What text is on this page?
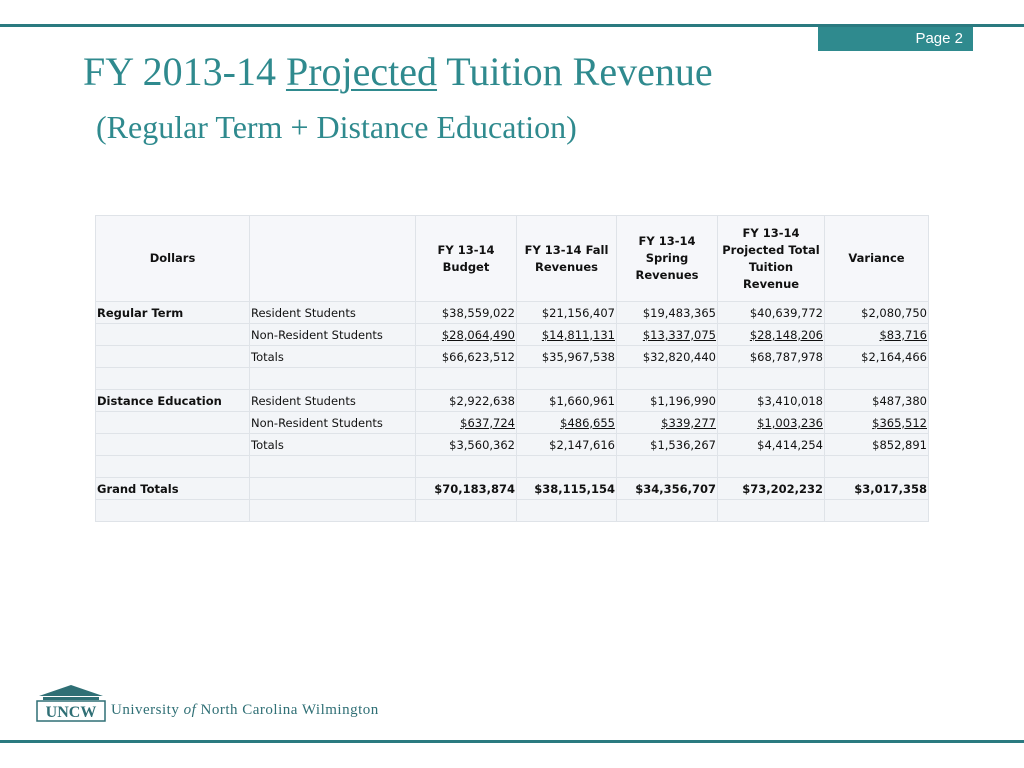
Page 2
FY 2013-14 Projected Tuition Revenue
(Regular Term + Distance Education)
Dollars		FY 13-14 Budget	FY 13-14 Fall Revenues	FY 13-14 Spring Revenues	FY 13-14 Projected Total Tuition Revenue	Variance
Regular Term	Resident Students	$38,559,022	$21,156,407	$19,483,365	$40,639,772	$2,080,750
	Non-Resident Students	$28,064,490	$14,811,131	$13,337,075	$28,148,206	$83,716
	Totals	$66,623,512	$35,967,538	$32,820,440	$68,787,978	$2,164,466

Distance Education	Resident Students	$2,922,638	$1,660,961	$1,196,990	$3,410,018	$487,380
	Non-Resident Students	$637,724	$486,655	$339,277	$1,003,236	$365,512
	Totals	$3,560,362	$2,147,616	$1,536,267	$4,414,254	$852,891

Grand Totals		$70,183,874	$38,115,154	$34,356,707	$73,202,232	$3,017,358

UNCW University of North Carolina Wilmington
